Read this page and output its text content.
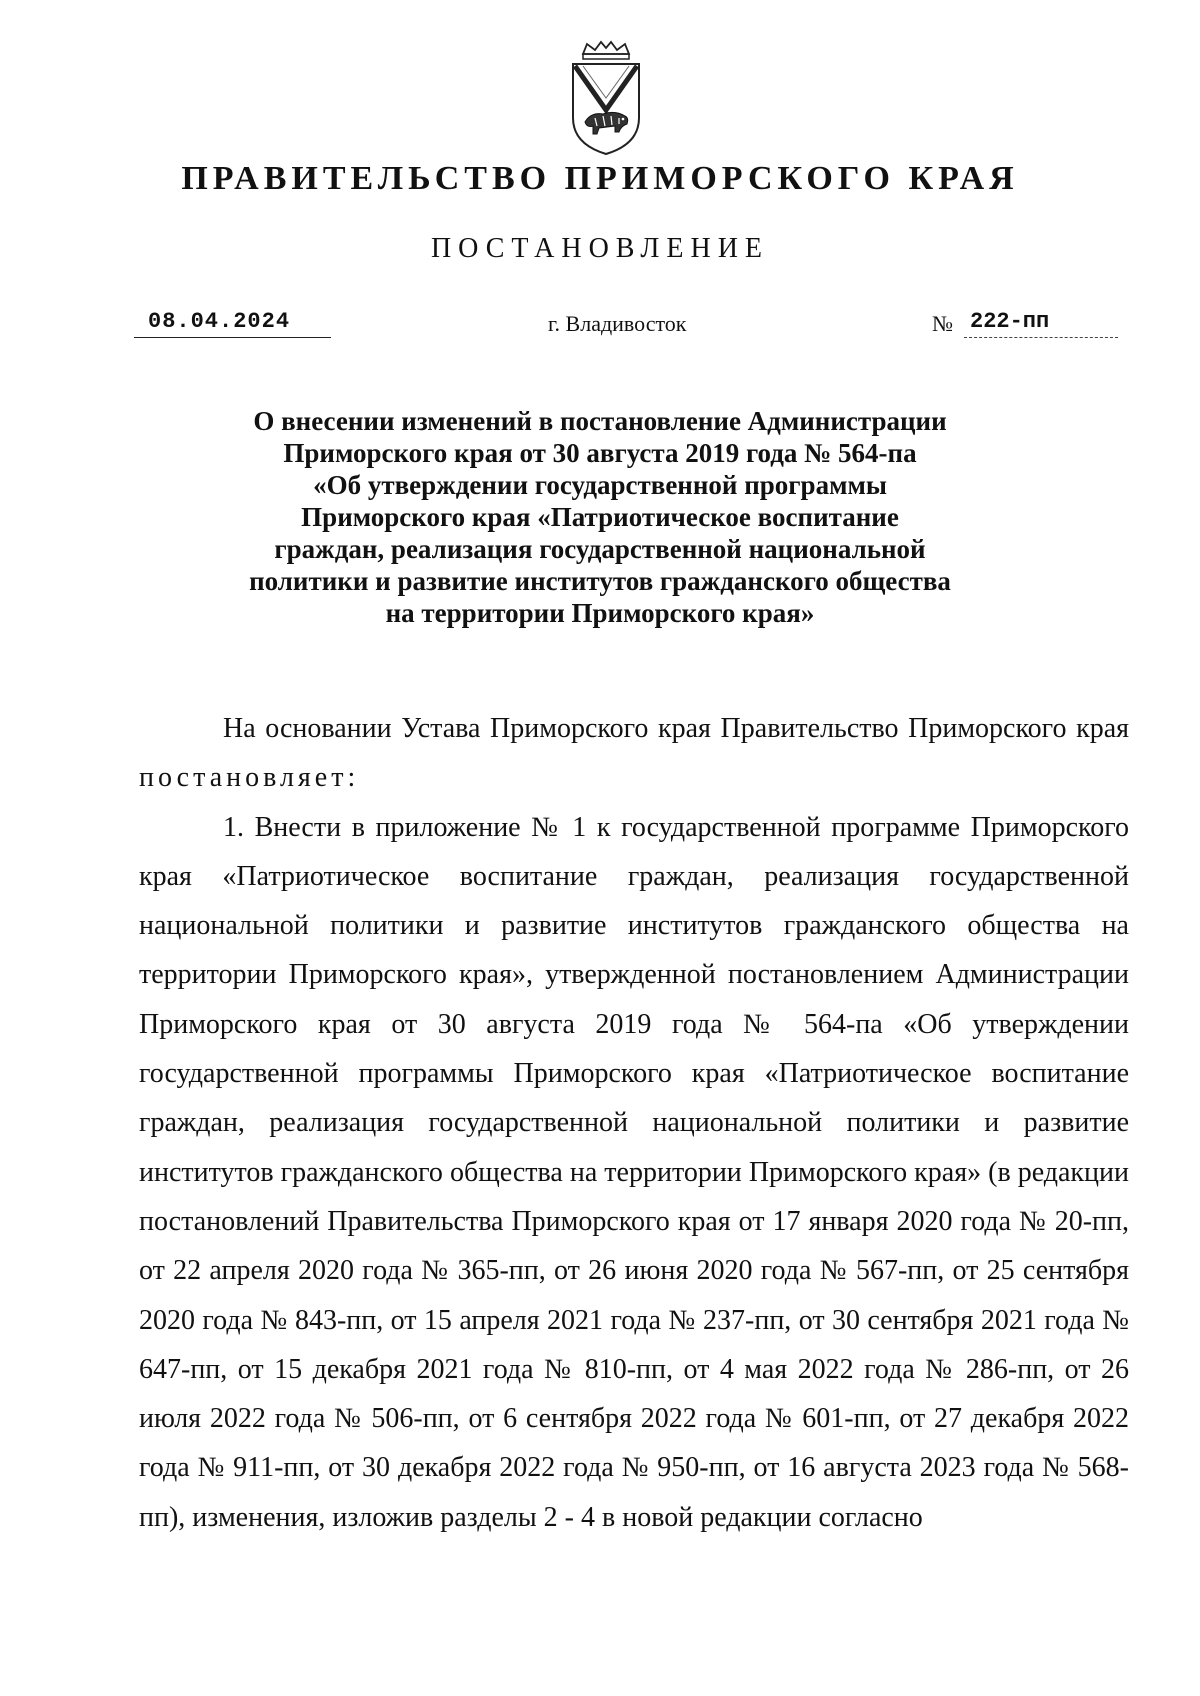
ПРАВИТЕЛЬСТВО ПРИМОРСКОГО КРАЯ
ПОСТАНОВЛЕНИЕ
08.04.2024	г. Владивосток	№ 222-пп
О внесении изменений в постановление Администрации
Приморского края от 30 августа 2019 года № 564-па
«Об утверждении государственной программы
Приморского края «Патриотическое воспитание
граждан, реализация государственной национальной
политики и развитие институтов гражданского общества
на территории Приморского края»

На основании Устава Приморского края Правительство Приморского края постановляет:

1. Внести в приложение № 1 к государственной программе Приморского края «Патриотическое воспитание граждан, реализация государственной национальной политики и развитие институтов гражданского общества на территории Приморского края», утвержденной постановлением Администрации Приморского края от 30 августа 2019 года № 564-па «Об утверждении государственной программы Приморского края «Патриотическое воспитание граждан, реализация государственной национальной политики и развитие институтов гражданского общества на территории Приморского края» (в редакции постановлений Правительства Приморского края от 17 января 2020 года № 20-пп, от 22 апреля 2020 года № 365-пп, от 26 июня 2020 года № 567-пп, от 25 сентября 2020 года № 843-пп, от 15 апреля 2021 года № 237-пп, от 30 сентября 2021 года № 647-пп, от 15 декабря 2021 года № 810-пп, от 4 мая 2022 года № 286-пп, от 26 июля 2022 года № 506-пп, от 6 сентября 2022 года № 601-пп, от 27 декабря 2022 года № 911-пп, от 30 декабря 2022 года № 950-пп, от 16 августа 2023 года № 568-пп), изменения, изложив разделы 2 - 4 в новой редакции согласно
